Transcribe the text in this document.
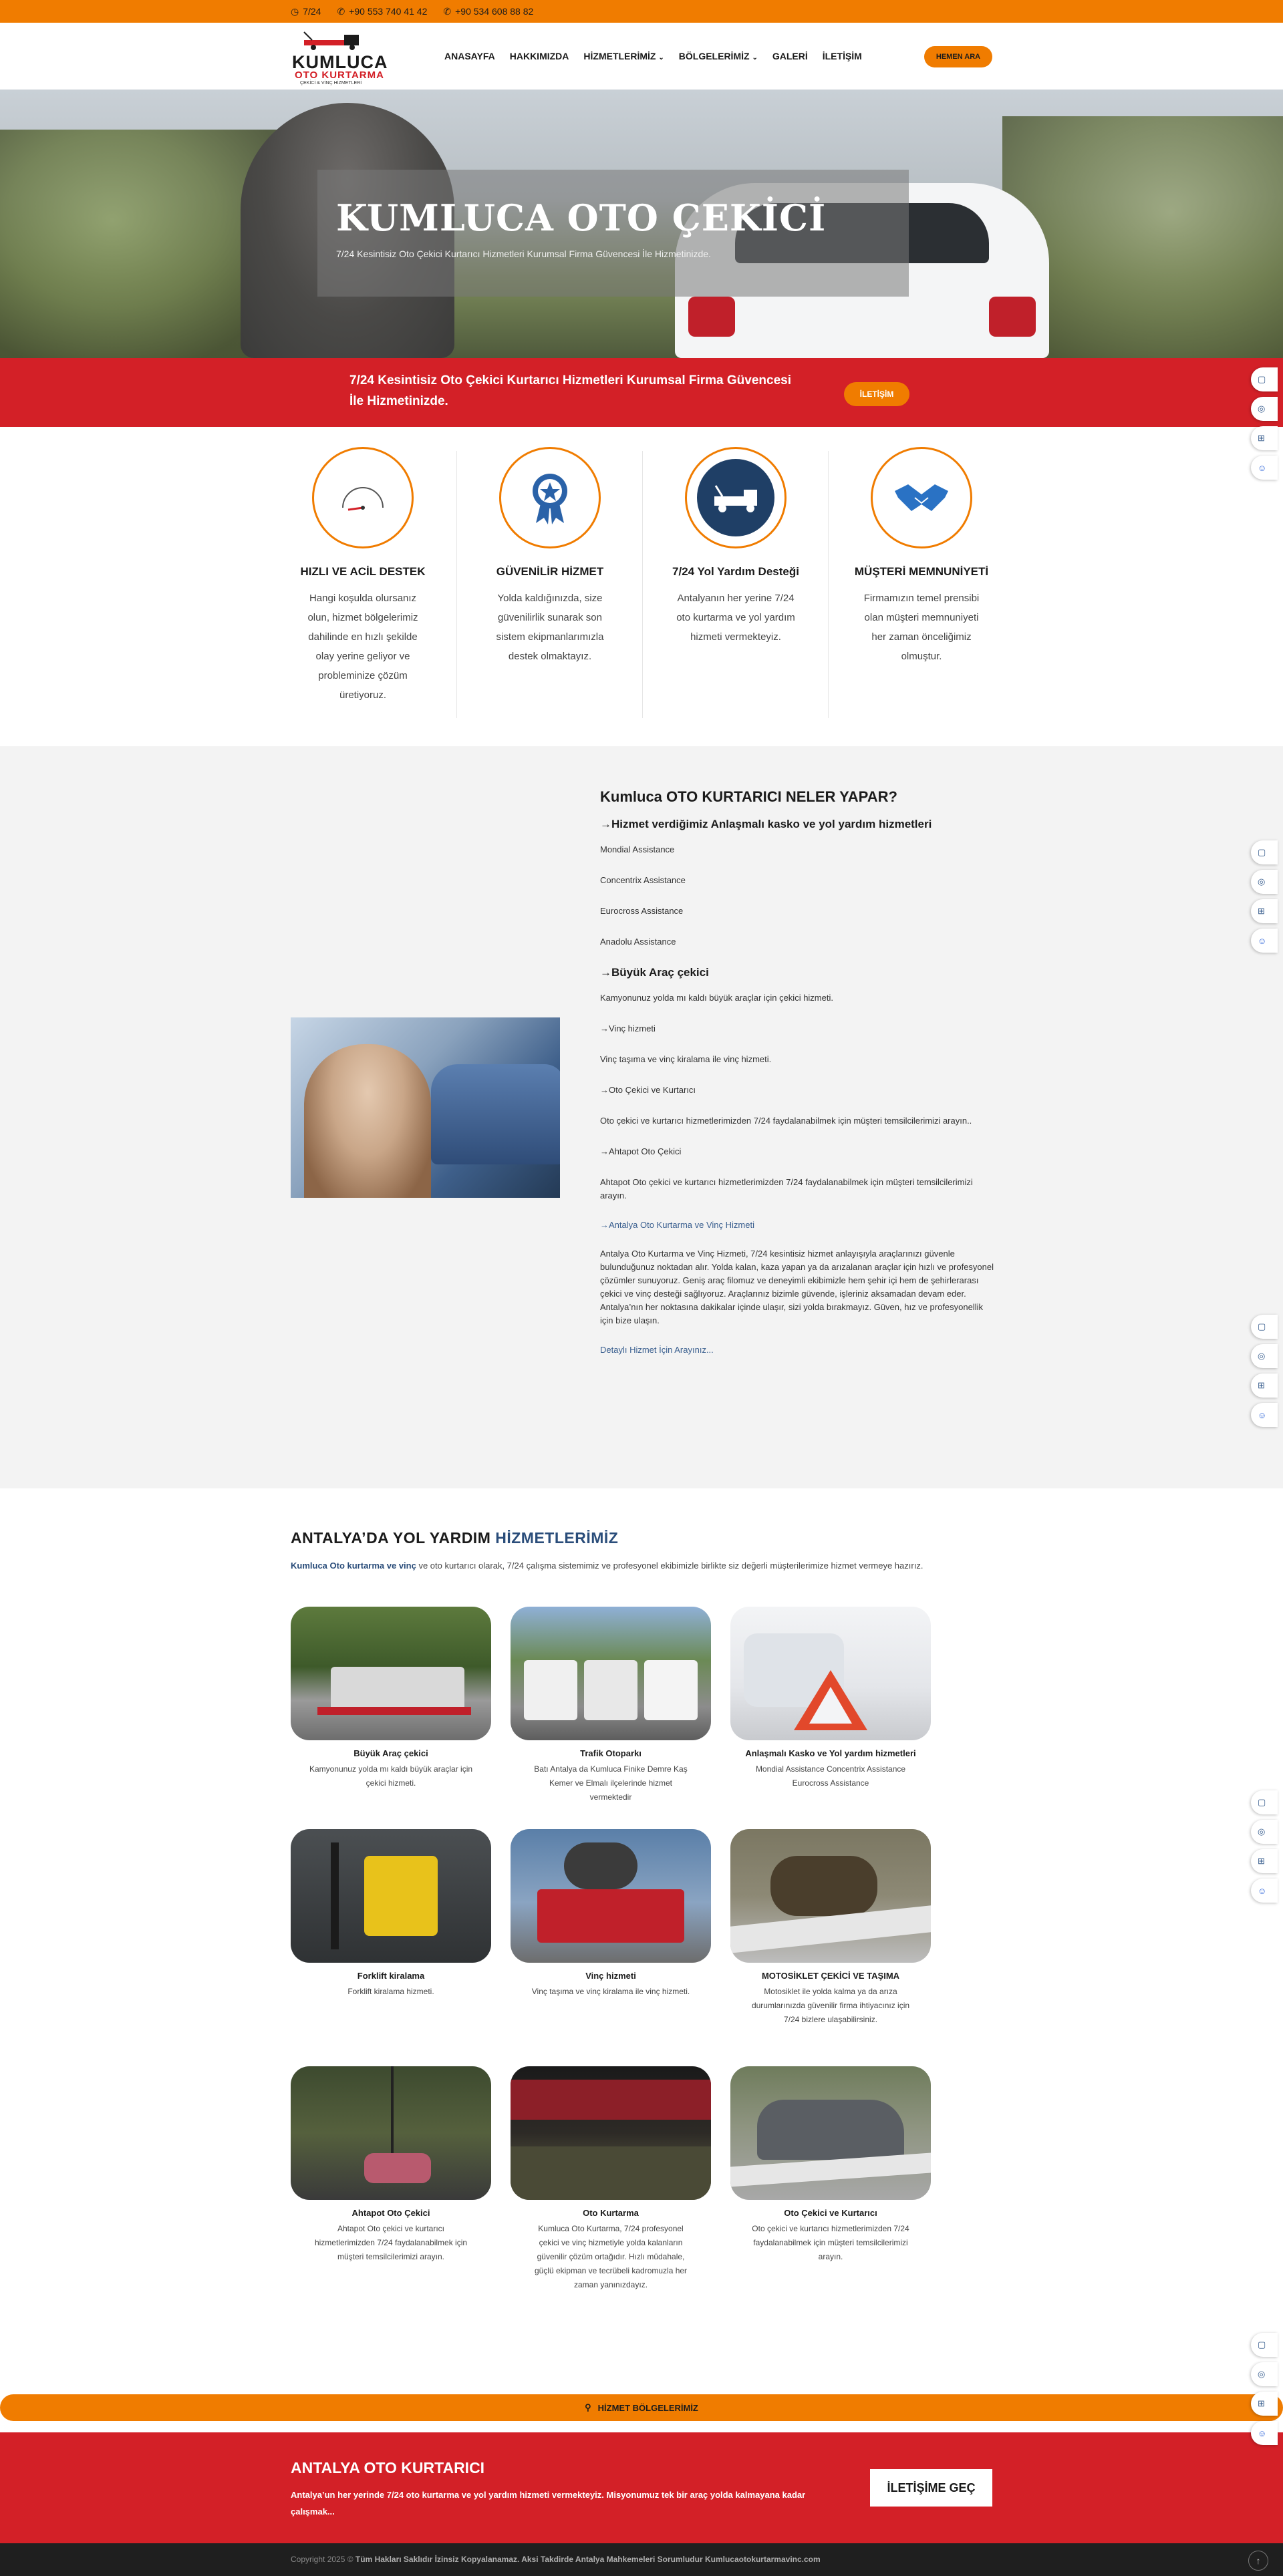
◷ 7/24 ✆ +90 553 740 41 42 ✆ +90 534 608 88 82
KUMLUCA
OTO KURTARMA
ÇEKİCİ & VİNÇ HİZMETLERİ
ANASAYFA HAKKIMIZDA HİZMETLERİMİZ ⌄ BÖLGELERİMİZ ⌄ GALERİ İLETİŞİM	HEMEN ARA
KUMLUCA OTO ÇEKİCİ

7/24 Kesintisiz Oto Çekici Kurtarıcı Hizmetleri Kurumsal Firma Güvencesi İle Hizmetinizde.

7/24 Kesintisiz Oto Çekici Kurtarıcı Hizmetleri Kurumsal Firma Güvencesi İle Hizmetinizde.	İLETİŞİM
HIZLI VE ACİL DESTEK

Hangi koşulda olursanız olun, hizmet bölgelerimiz dahilinde en hızlı şekilde olay yerine geliyor ve probleminize çözüm üretiyoruz.

GÜVENİLİR HİZMET

Yolda kaldığınızda, size güvenilirlik sunarak son sistem ekipmanlarımızla destek olmaktayız.

7/24 Yol Yardım Desteği

Antalyanın her yerine 7/24 oto kurtarma ve yol yardım hizmeti vermekteyiz.

MÜŞTERİ MEMNUNİYETİ

Firmamızın temel prensibi olan müşteri memnuniyeti her zaman önceliğimiz olmuştur.

Kumluca OTO KURTARICI NELER YAPAR?
→Hizmet verdiğimiz Anlaşmalı kasko ve yol yardım hizmetleri
Mondial Assistance
Concentrix Assistance
Eurocross Assistance
Anadolu Assistance
→Büyük Araç çekici
Kamyonunuz yolda mı kaldı büyük araçlar için çekici hizmeti.
→Vinç hizmeti
Vinç taşıma ve vinç kiralama ile vinç hizmeti.
→Oto Çekici ve Kurtarıcı
Oto çekici ve kurtarıcı hizmetlerimizden 7/24 faydalanabilmek için müşteri temsilcilerimizi arayın..
→Ahtapot Oto Çekici
Ahtapot Oto çekici ve kurtarıcı hizmetlerimizden 7/24 faydalanabilmek için müşteri temsilcilerimizi arayın.
→Antalya Oto Kurtarma ve Vinç Hizmeti
Antalya Oto Kurtarma ve Vinç Hizmeti, 7/24 kesintisiz hizmet anlayışıyla araçlarınızı güvenle bulunduğunuz noktadan alır. Yolda kalan, kaza yapan ya da arızalanan araçlar için hızlı ve profesyonel çözümler sunuyoruz. Geniş araç filomuz ve deneyimli ekibimizle hem şehir içi hem de şehirlerarası çekici ve vinç desteği sağlıyoruz. Araçlarınız bizimle güvende, işleriniz aksamadan devam eder. Antalya’nın her noktasına dakikalar içinde ulaşır, sizi yolda bırakmayız. Güven, hız ve profesyonellik için bize ulaşın.
Detaylı Hizmet İçin Arayınız...
ANTALYA’DA YOL YARDIM HİZMETLERİMİZ
Kumluca Oto kurtarma ve vinç ve oto kurtarıcı olarak, 7/24 çalışma sistemimiz ve profesyonel ekibimizle birlikte siz değerli müşterilerimize hizmet vermeye hazırız.
Büyük Araç çekici

Kamyonunuz yolda mı kaldı büyük araçlar için çekici hizmeti.

Trafik Otoparkı

Batı Antalya da Kumluca Finike Demre Kaş Kemer ve Elmalı ilçelerinde hizmet vermektedir

Anlaşmalı Kasko ve Yol yardım hizmetleri

Mondial Assistance Concentrix Assistance Eurocross Assistance

Forklift kiralama

Forklift kiralama hizmeti.

Vinç hizmeti

Vinç taşıma ve vinç kiralama ile vinç hizmeti.

MOTOSİKLET ÇEKİCİ VE TAŞIMA

Motosiklet ile yolda kalma ya da arıza durumlarınızda güvenilir firma ihtiyacınız için 7/24 bizlere ulaşabilirsiniz.

Ahtapot Oto Çekici

Ahtapot Oto çekici ve kurtarıcı hizmetlerimizden 7/24 faydalanabilmek için müşteri temsilcilerimizi arayın.

Oto Kurtarma

Kumluca Oto Kurtarma, 7/24 profesyonel çekici ve vinç hizmetiyle yolda kalanların güvenilir çözüm ortağıdır. Hızlı müdahale, güçlü ekipman ve tecrübeli kadromuzla her zaman yanınızdayız.

Oto Çekici ve Kurtarıcı

Oto çekici ve kurtarıcı hizmetlerimizden 7/24 faydalanabilmek için müşteri temsilcilerimizi arayın.

⚲ HİZMET BÖLGELERİMİZ
ANTALYA OTO KURTARICI

Antalya’un her yerinde 7/24 oto kurtarma ve yol yardım hizmeti vermekteyiz. Misyonumuz tek bir araç yolda kalmayana kadar çalışmak...

İLETİŞİME GEÇ

Copyright 2025 © Tüm Hakları Saklıdır İzinsiz Kopyalanamaz. Aksi Takdirde Antalya Mahkemeleri Sorumludur Kumlucaotokurtarmavinc.com	↑
▢
◎
⊞
☺
▢
◎
⊞
☺
▢
◎
⊞
☺
▢
◎
⊞
☺
▢
◎
⊞
☺
